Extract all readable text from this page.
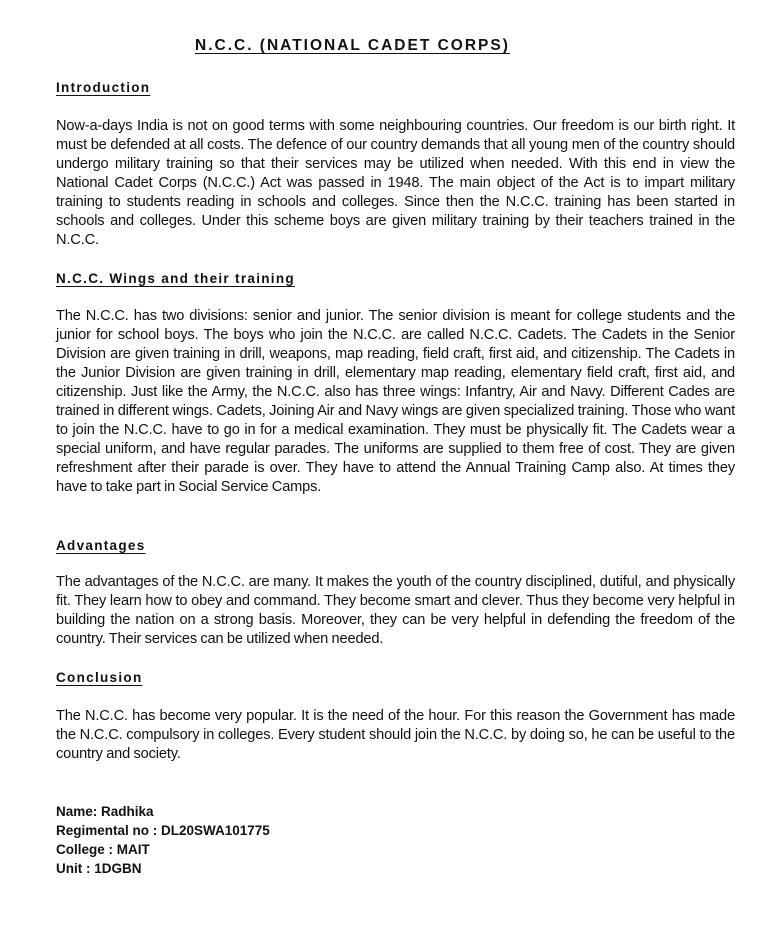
N.C.C. (NATIONAL CADET CORPS)
Introduction
Now-a-days India is not on good terms with some neighbouring countries. Our freedom is our birth right. It must be defended at all costs. The defence of our country demands that all young men of the country should undergo military training so that their services may be utilized when needed. With this end in view the National Cadet Corps (N.C.C.) Act was passed in 1948. The main object of the Act is to impart military training to students reading in schools and colleges. Since then the N.C.C. training has been started in schools and colleges. Under this scheme boys are given military training by their teachers trained in the N.C.C.
N.C.C. Wings and their training
The N.C.C. has two divisions: senior and junior. The senior division is meant for college students and the junior for school boys. The boys who join the N.C.C. are called N.C.C. Cadets. The Cadets in the Senior Division are given training in drill, weapons, map reading, field craft, first aid, and citizenship. The Cadets in the Junior Division are given training in drill, elementary map reading, elementary field craft, first aid, and citizenship. Just like the Army, the N.C.C. also has three wings: Infantry, Air and Navy. Different Cades are trained in different wings. Cadets, Joining Air and Navy wings are given specialized training. Those who want to join the N.C.C. have to go in for a medical examination. They must be physically fit. The Cadets wear a special uniform, and have regular parades. The uniforms are supplied to them free of cost. They are given refreshment after their parade is over. They have to attend the Annual Training Camp also. At times they have to take part in Social Service Camps.
Advantages
The advantages of the N.C.C. are many. It makes the youth of the country disciplined, dutiful, and physically fit. They learn how to obey and command. They become smart and clever. Thus they become very helpful in building the nation on a strong basis. Moreover, they can be very helpful in defending the freedom of the country. Their services can be utilized when needed.
Conclusion
The N.C.C. has become very popular. It is the need of the hour. For this reason the Government has made the N.C.C. compulsory in colleges. Every student should join the N.C.C. by doing so, he can be useful to the country and society.
Name: Radhika
Regimental no : DL20SWA101775
College : MAIT
Unit : 1DGBN
